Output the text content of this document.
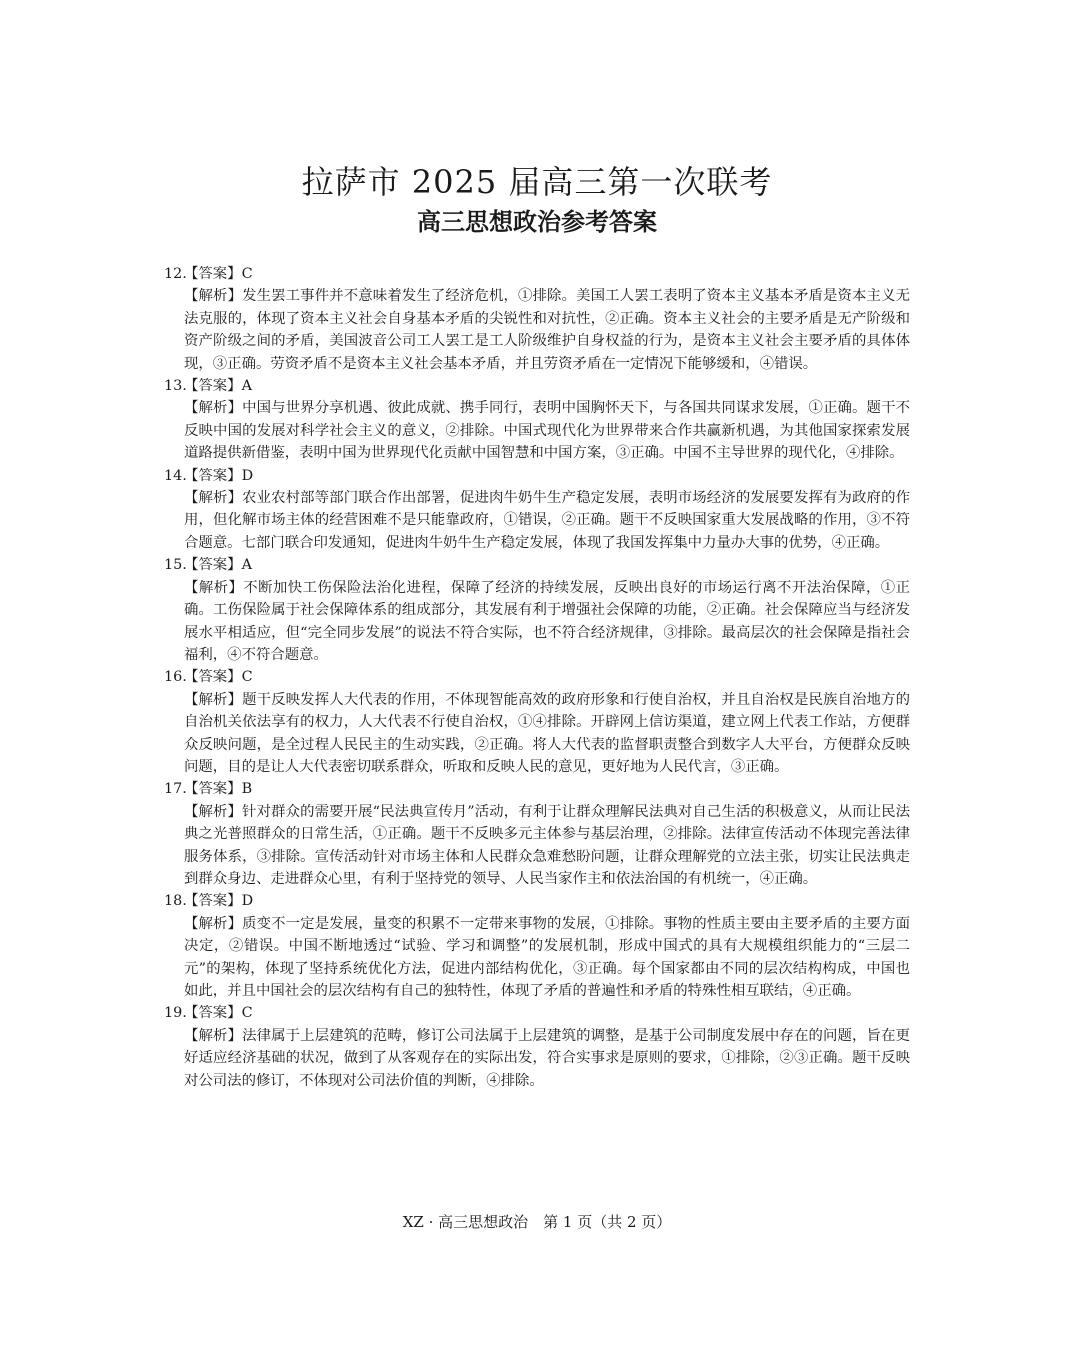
拉萨市 2025 届高三第一次联考
高三思想政治参考答案
12.【答案】C
【解析】发生罢工事件并不意味着发生了经济危机，①排除。美国工人罢工表明了资本主义基本矛盾是资本主义无法克服的，体现了资本主义社会自身基本矛盾的尖锐性和对抗性，②正确。资本主义社会的主要矛盾是无产阶级和资产阶级之间的矛盾，美国波音公司工人罢工是工人阶级维护自身权益的行为，是资本主义社会主要矛盾的具体体现，③正确。劳资矛盾不是资本主义社会基本矛盾，并且劳资矛盾在一定情况下能够缓和，④错误。
13.【答案】A
【解析】中国与世界分享机遇、彼此成就、携手同行，表明中国胸怀天下，与各国共同谋求发展，①正确。题干不反映中国的发展对科学社会主义的意义，②排除。中国式现代化为世界带来合作共赢新机遇，为其他国家探索发展道路提供新借鉴，表明中国为世界现代化贡献中国智慧和中国方案，③正确。中国不主导世界的现代化，④排除。
14.【答案】D
【解析】农业农村部等部门联合作出部署，促进肉牛奶牛生产稳定发展，表明市场经济的发展要发挥有为政府的作用，但化解市场主体的经营困难不是只能靠政府，①错误，②正确。题干不反映国家重大发展战略的作用，③不符合题意。七部门联合印发通知，促进肉牛奶牛生产稳定发展，体现了我国发挥集中力量办大事的优势，④正确。
15.【答案】A
【解析】不断加快工伤保险法治化进程，保障了经济的持续发展，反映出良好的市场运行离不开法治保障，①正确。工伤保险属于社会保障体系的组成部分，其发展有利于增强社会保障的功能，②正确。社会保障应当与经济发展水平相适应，但“完全同步发展”的说法不符合实际，也不符合经济规律，③排除。最高层次的社会保障是指社会福利，④不符合题意。
16.【答案】C
【解析】题干反映发挥人大代表的作用，不体现智能高效的政府形象和行使自治权，并且自治权是民族自治地方的自治机关依法享有的权力，人大代表不行使自治权，①④排除。开辟网上信访渠道，建立网上代表工作站，方便群众反映问题，是全过程人民民主的生动实践，②正确。将人大代表的监督职责整合到数字人大平台，方便群众反映问题，目的是让人大代表密切联系群众，听取和反映人民的意见，更好地为人民代言，③正确。
17.【答案】B
【解析】针对群众的需要开展“民法典宣传月”活动，有利于让群众理解民法典对自己生活的积极意义，从而让民法典之光普照群众的日常生活，①正确。题干不反映多元主体参与基层治理，②排除。法律宣传活动不体现完善法律服务体系，③排除。宣传活动针对市场主体和人民群众急难愁盼问题，让群众理解党的立法主张，切实让民法典走到群众身边、走进群众心里，有利于坚持党的领导、人民当家作主和依法治国的有机统一，④正确。
18.【答案】D
【解析】质变不一定是发展，量变的积累不一定带来事物的发展，①排除。事物的性质主要由主要矛盾的主要方面决定，②错误。中国不断地透过“试验、学习和调整”的发展机制，形成中国式的具有大规模组织能力的“三层二元”的架构，体现了坚持系统优化方法，促进内部结构优化，③正确。每个国家都由不同的层次结构构成，中国也如此，并且中国社会的层次结构有自己的独特性，体现了矛盾的普遍性和矛盾的特殊性相互联结，④正确。
19.【答案】C
【解析】法律属于上层建筑的范畴，修订公司法属于上层建筑的调整，是基于公司制度发展中存在的问题，旨在更好适应经济基础的状况，做到了从客观存在的实际出发，符合实事求是原则的要求，①排除，②③正确。题干反映对公司法的修订，不体现对公司法价值的判断，④排除。
XZ · 高三思想政治　第 1 页（共 2 页）
